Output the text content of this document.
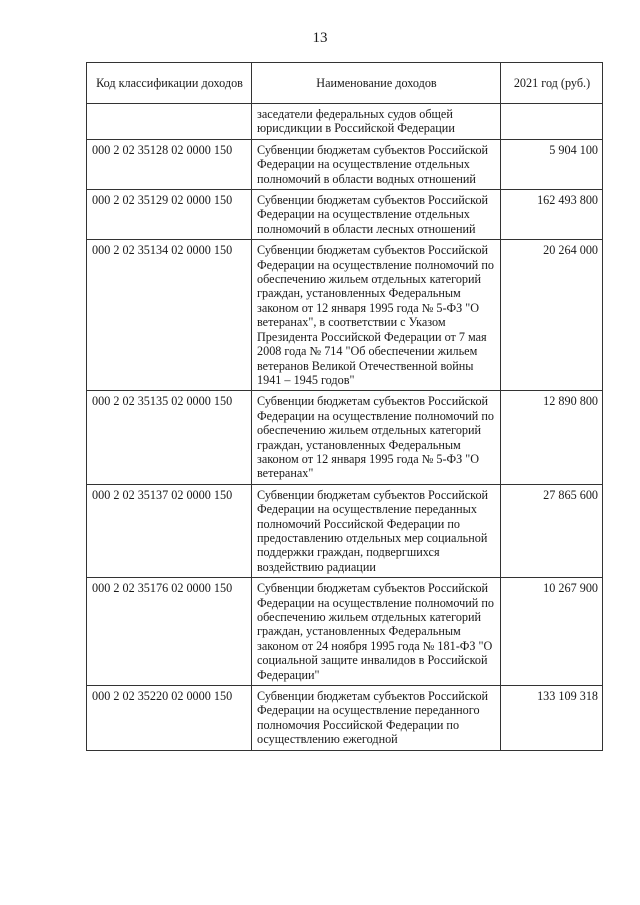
13
Код классификации доходов	Наименование доходов	2021 год (руб.)
	заседатели федеральных судов общей юрисдикции в Российской Федерации	
000 2 02 35128 02 0000 150	Субвенции бюджетам субъектов Российской Федерации на осуществление отдельных полномочий в области водных отношений	5 904 100
000 2 02 35129 02 0000 150	Субвенции бюджетам субъектов Российской Федерации на осуществление отдельных полномочий в области лесных отношений	162 493 800
000 2 02 35134 02 0000 150	Субвенции бюджетам субъектов Российской Федерации на осуществление полномочий по обеспечению жильем отдельных категорий граждан, установленных Федеральным законом от 12 января 1995 года № 5-ФЗ "О ветеранах", в соответствии с Указом Президента Российской Федерации от 7 мая 2008 года № 714 "Об обеспечении жильем ветеранов Великой Отечественной войны 1941 – 1945 годов"	20 264 000
000 2 02 35135 02 0000 150	Субвенции бюджетам субъектов Российской Федерации на осуществление полномочий по обеспечению жильем отдельных категорий граждан, установленных Федеральным законом от 12 января 1995 года № 5-ФЗ "О ветеранах"	12 890 800
000 2 02 35137 02 0000 150	Субвенции бюджетам субъектов Российской Федерации на осуществление переданных полномочий Российской Федерации по предоставлению отдельных мер социальной поддержки граждан, подвергшихся воздействию радиации	27 865 600
000 2 02 35176 02 0000 150	Субвенции бюджетам субъектов Российской Федерации на осуществление полномочий по обеспечению жильем отдельных категорий граждан, установленных Федеральным законом от 24 ноября 1995 года № 181-ФЗ "О социальной защите инвалидов в Российской Федерации"	10 267 900
000 2 02 35220 02 0000 150	Субвенции бюджетам субъектов Российской Федерации на осуществление переданного полномочия Российской Федерации по осуществлению ежегодной	133 109 318
